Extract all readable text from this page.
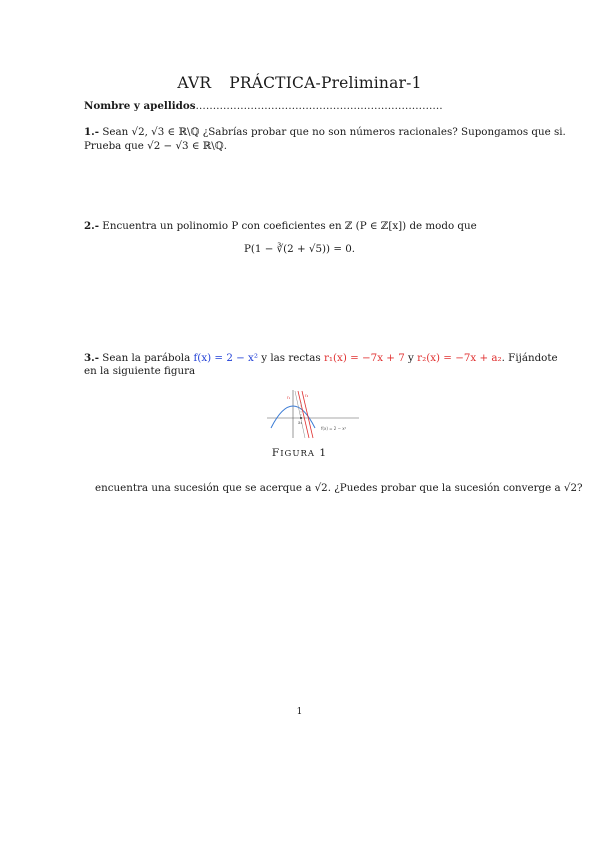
AVR PRÁCTICA-Preliminar-1
Nombre y apellidos………………………………………………………………
1.- Sean √2, √3 ∈ ℝ\ℚ ¿Sabrías probar que no son números racionales? Supongamos que si.
Prueba que √2 − √3 ∈ ℝ\ℚ.
2.- Encuentra un polinomio P con coeficientes en ℤ (P ∈ ℤ[x]) de modo que
P(1 − ∛(2 + √5)) = 0.
3.- Sean la parábola f(x) = 2 − x² y las rectas r₁(x) = −7x + 7 y r₂(x) = −7x + a₂. Fijándote
en la siguiente figura
r₁	r₂
a₁
f(x) = 2 − x²
FIGURA 1
encuentra una sucesión que se acerque a √2. ¿Puedes probar que la sucesión converge a √2?
1
